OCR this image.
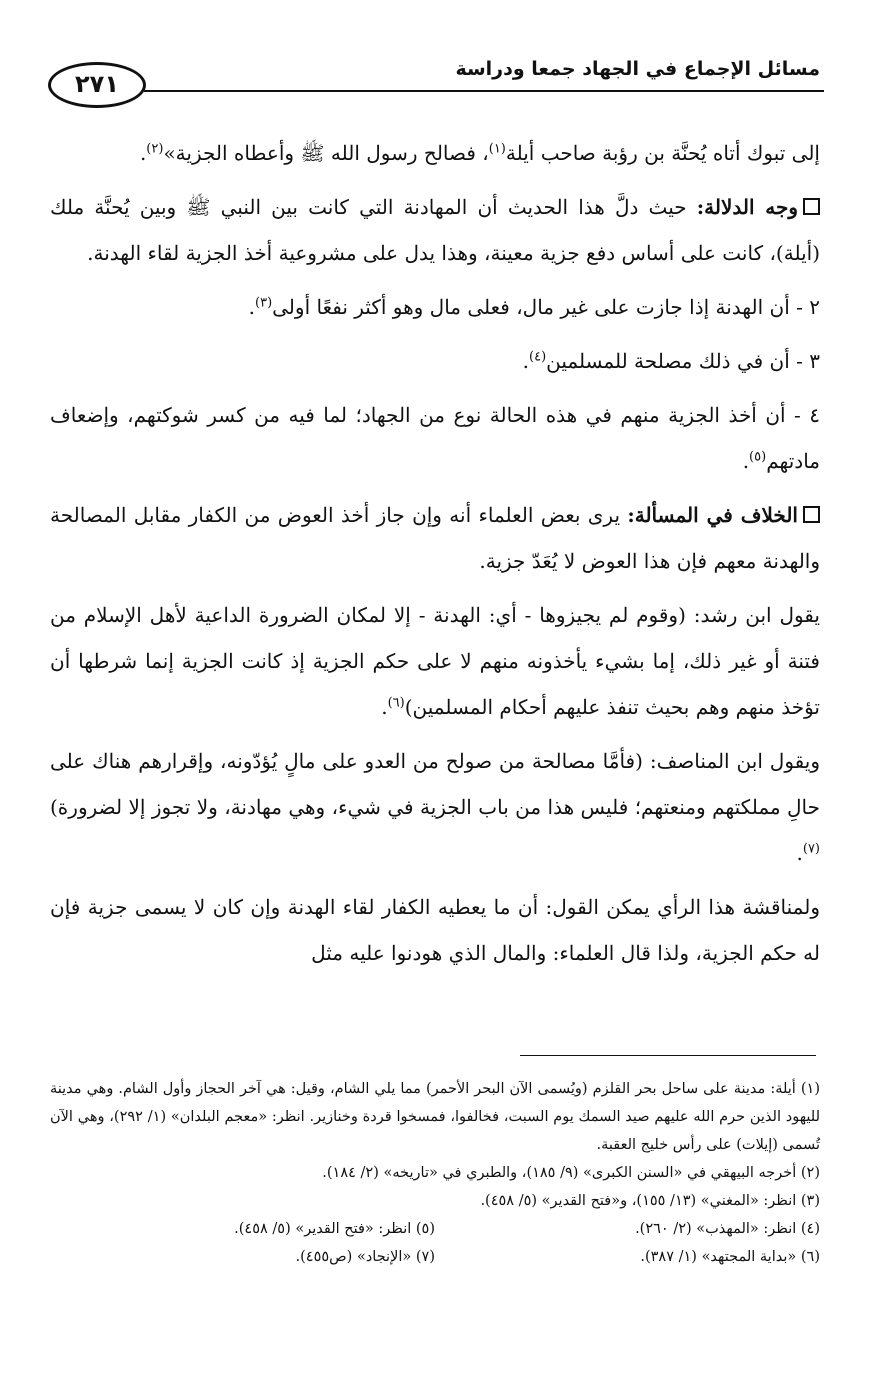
مسائل الإجماع في الجهاد جمعا ودراسة
٢٧١

إلى تبوك أتاه يُحنَّة بن رؤبة صاحب أيلة$^{(١)}$، فصالح رسول الله ﷺ وأعطاه الجزية»$^{(٢)}$.

وجه الدلالة: حيث دلَّ هذا الحديث أن المهادنة التي كانت بين النبي ﷺ وبين يُحنَّة ملك (أيلة)، كانت على أساس دفع جزية معينة، وهذا يدل على مشروعية أخذ الجزية لقاء الهدنة.

٢ - أن الهدنة إذا جازت على غير مال، فعلى مال وهو أكثر نفعًا أولى$^{(٣)}$.

٣ - أن في ذلك مصلحة للمسلمين$^{(٤)}$.

٤ - أن أخذ الجزية منهم في هذه الحالة نوع من الجهاد؛ لما فيه من كسر شوكتهم، وإضعاف مادتهم$^{(٥)}$.

الخلاف في المسألة: يرى بعض العلماء أنه وإن جاز أخذ العوض من الكفار مقابل المصالحة والهدنة معهم فإن هذا العوض لا يُعَدّ جزية.

يقول ابن رشد: (وقوم لم يجيزوها - أي: الهدنة - إلا لمكان الضرورة الداعية لأهل الإسلام من فتنة أو غير ذلك، إما بشيء يأخذونه منهم لا على حكم الجزية إذ كانت الجزية إنما شرطها أن تؤخذ منهم وهم بحيث تنفذ عليهم أحكام المسلمين)$^{(٦)}$.

ويقول ابن المناصف: (فأمَّا مصالحة من صولح من العدو على مالٍ يُؤدّونه، وإقرارهم هناك على حالِ مملكتهم ومنعتهم؛ فليس هذا من باب الجزية في شيء، وهي مهادنة، ولا تجوز إلا لضرورة)$^{(٧)}$.

ولمناقشة هذا الرأي يمكن القول: أن ما يعطيه الكفار لقاء الهدنة وإن كان لا يسمى جزية فإن له حكم الجزية، ولذا قال العلماء: والمال الذي هودنوا عليه مثل

(١) أيلة: مدينة على ساحل بحر القلزم (ويُسمى الآن البحر الأحمر) مما يلي الشام، وقيل: هي آخر الحجاز وأول الشام. وهي مدينة لليهود الذين حرم الله عليهم صيد السمك يوم السبت، فخالفوا، فمسخوا قردة وخنازير. انظر: «معجم البلدان» (١/ ٢٩٢)، وهي الآن تُسمى (إيلات) على رأس خليج العقبة.

(٢) أخرجه البيهقي في «السنن الكبرى» (٩/ ١٨٥)، والطبري في «تاريخه» (٢/ ١٨٤).

(٣) انظر: «المغني» (١٣/ ١٥٥)، و«فتح القدير» (٥/ ٤٥٨).

(٤) انظر: «المهذب» (٢/ ٢٦٠).
(٥) انظر: «فتح القدير» (٥/ ٤٥٨).
(٦) «بداية المجتهد» (١/ ٣٨٧).
(٧) «الإنجاد» (ص٤٥٥).
